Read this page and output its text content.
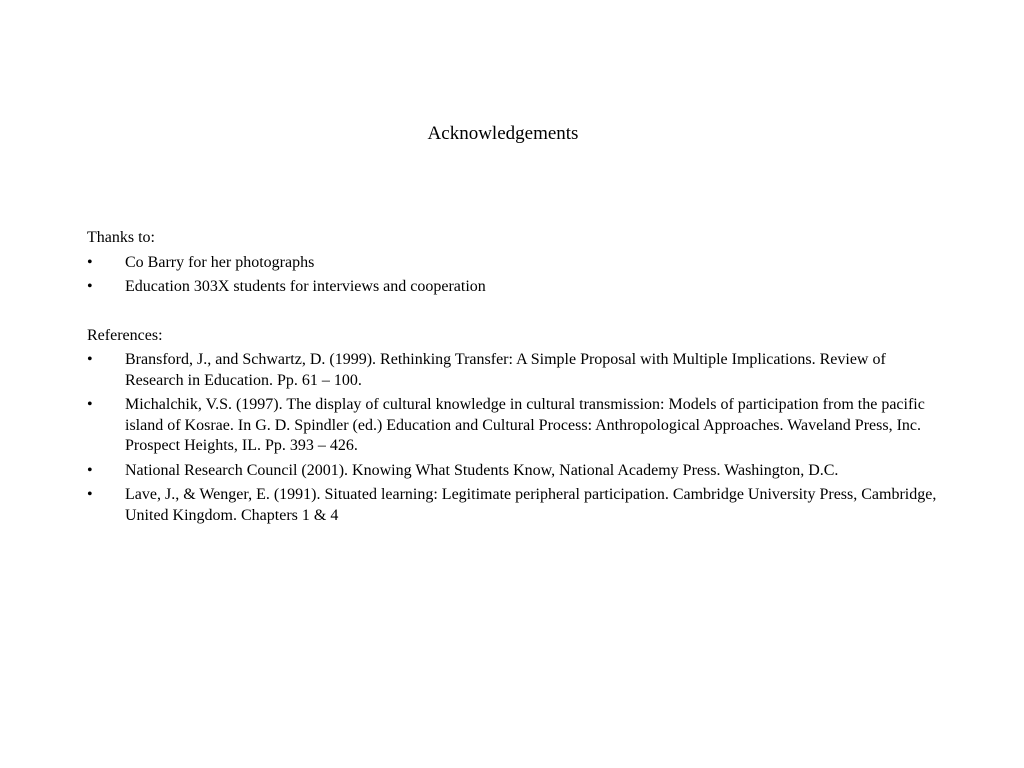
Acknowledgements

Thanks to:

• Co Barry for her photographs
• Education 303X students for interviews and cooperation

References:

• Bransford, J., and Schwartz, D. (1999). Rethinking Transfer: A Simple Proposal with Multiple Implications. Review of Research in Education. Pp. 61 – 100.
• Michalchik, V.S. (1997). The display of cultural knowledge in cultural transmission: Models of participation from the pacific island of Kosrae. In G. D. Spindler (ed.) Education and Cultural Process: Anthropological Approaches. Waveland Press, Inc. Prospect Heights, IL. Pp. 393 – 426.
• National Research Council (2001). Knowing What Students Know, National Academy Press. Washington, D.C.
• Lave, J., & Wenger, E. (1991). Situated learning: Legitimate peripheral participation. Cambridge University Press, Cambridge, United Kingdom. Chapters 1 & 4
